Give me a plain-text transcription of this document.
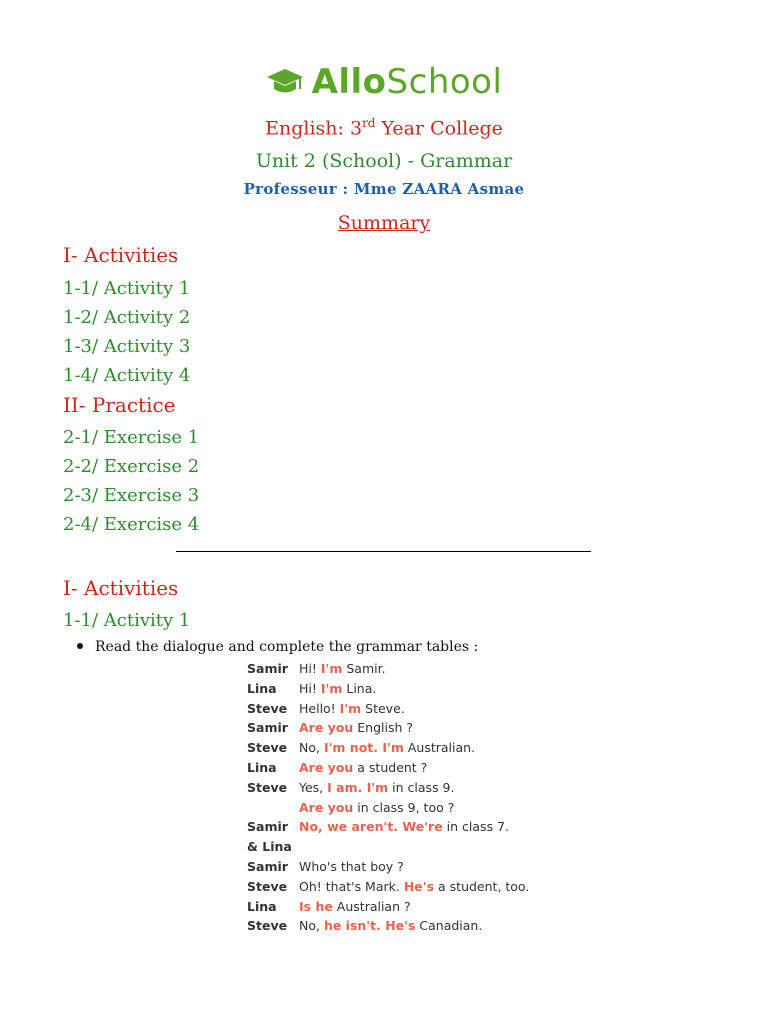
AlloSchool
English: 3rd Year College
Unit 2 (School) - Grammar
Professeur : Mme ZAARA Asmae
Summary
I- Activities
1-1/ Activity 1
1-2/ Activity 2
1-3/ Activity 3
1-4/ Activity 4
II- Practice
2-1/ Exercise 1
2-2/ Exercise 2
2-3/ Exercise 3
2-4/ Exercise 4
I- Activities
1-1/ Activity 1
Read the dialogue and complete the grammar tables :
Samir Hi! I'm Samir.
Lina	Hi! I'm Lina.
Steve Hello! I'm Steve.
Samir Are you English ?
Steve No, I'm not. I'm Australian.
Lina	Are you a student ?
Steve Yes, I am. I'm in class 9.
Are you in class 9, too ?
Samir No, we aren't. We're in class 7.
& Lina
Samir Who's that boy ?
Steve Oh! that's Mark. He's a student, too.
Lina	Is he Australian ?
Steve No, he isn't. He's Canadian.
